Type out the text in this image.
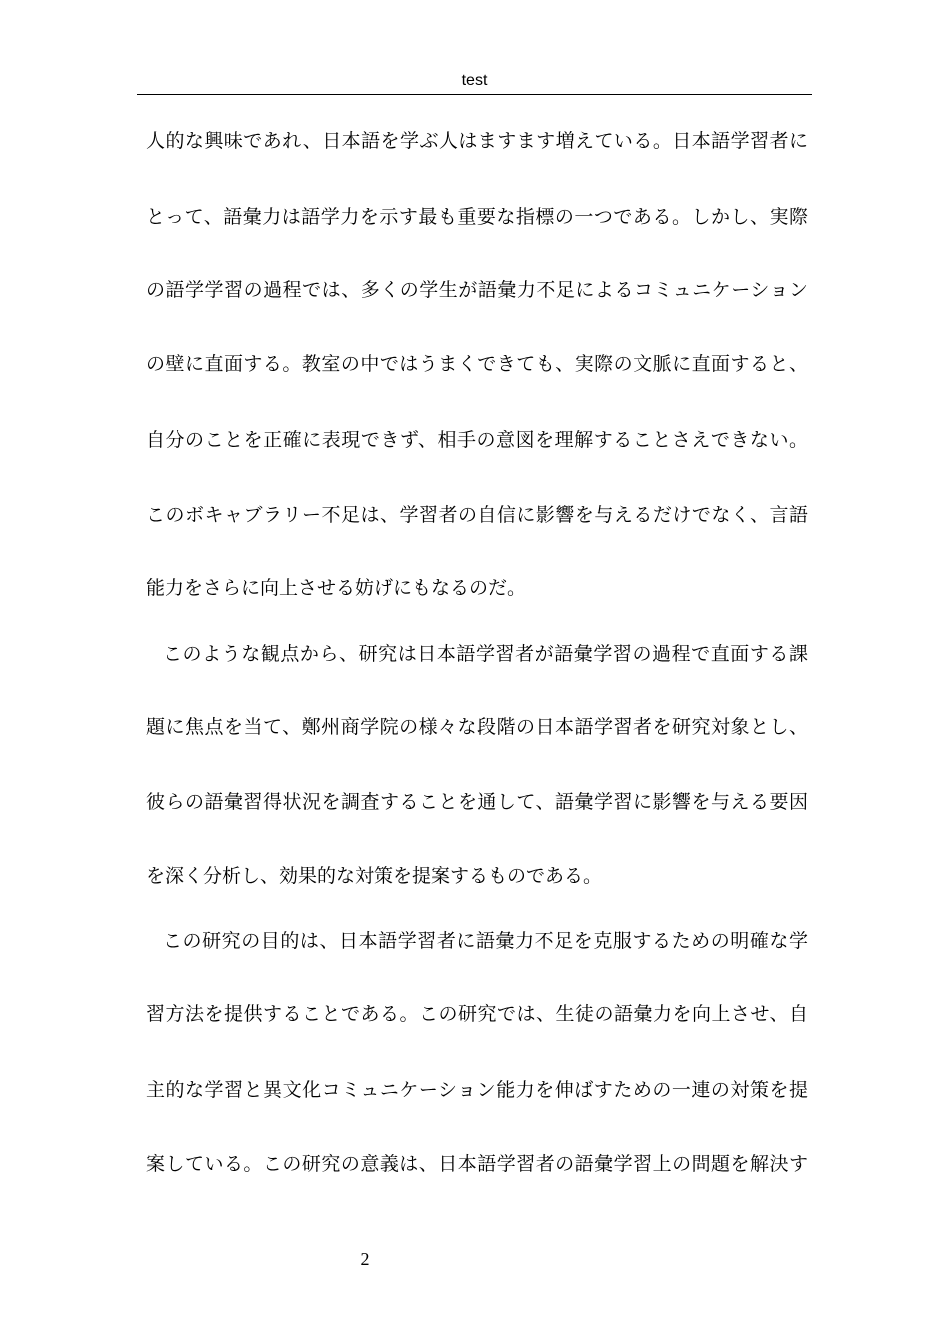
test
人的な興味であれ、日本語を学ぶ人はますます増えている。日本語学習者に
とって、語彙力は語学力を示す最も重要な指標の一つである。しかし、実際
の語学学習の過程では、多くの学生が語彙力不足によるコミュニケーション
の壁に直面する。教室の中ではうまくできても、実際の文脈に直面すると、
自分のことを正確に表現できず、相手の意図を理解することさえできない。
このボキャブラリー不足は、学習者の自信に影響を与えるだけでなく、言語
能力をさらに向上させる妨げにもなるのだ。
このような観点から、研究は日本語学習者が語彙学習の過程で直面する課
題に焦点を当て、鄭州商学院の様々な段階の日本語学習者を研究対象とし、
彼らの語彙習得状況を調査することを通して、語彙学習に影響を与える要因
を深く分析し、効果的な対策を提案するものである。
この研究の目的は、日本語学習者に語彙力不足を克服するための明確な学
習方法を提供することである。この研究では、生徒の語彙力を向上させ、自
主的な学習と異文化コミュニケーション能力を伸ばすための一連の対策を提
案している。この研究の意義は、日本語学習者の語彙学習上の問題を解決す
2
